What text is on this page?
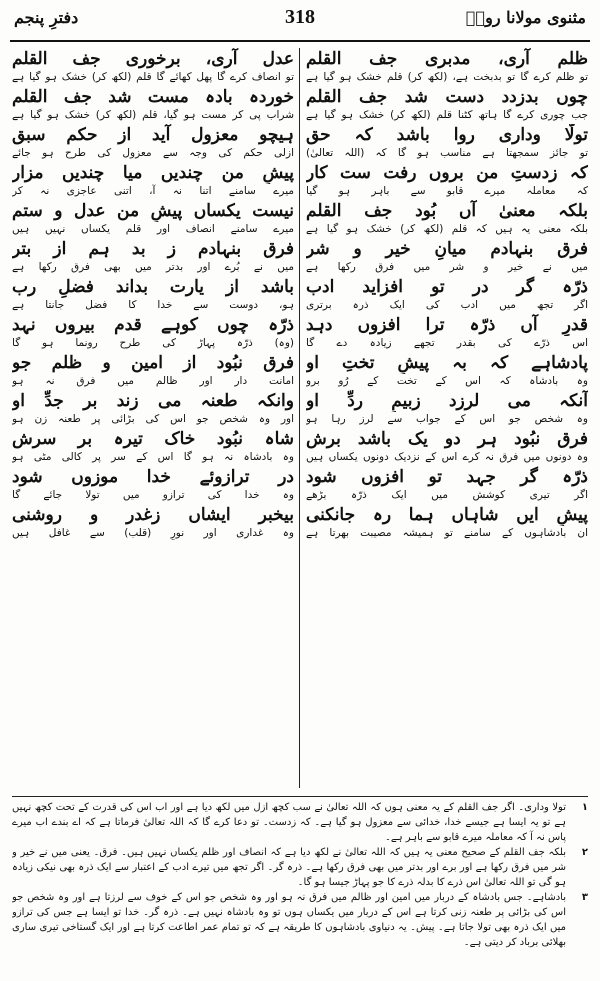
مثنوی مولانا رومؒ
318
دفترِ پنجم
ظلم آری، مدبری جف القلم
تو ظلم کرے گا تو بدبخت ہے، (لکھ کر) قلم خشک ہو گیا ہے
چوں بدزدد دست شد جف القلم
جب چوری کرے گا ہاتھ کٹنا قلم (لکھ کر) خشک ہو گیا ہے
تولّا وداری روا باشد کہ حق
تو جائز سمجھتا ہے مناسب ہو گا کہ (اللہ تعالیٰ)
کہ زدستِ من بروں رفت ست کار
کہ معاملہ میرے قابو سے باہر ہو گیا
بلکہ معنیٰ آں بُود جف القلم
بلکہ معنی یہ ہیں کہ قلم (لکھ کر) خشک ہو گیا ہے
فرق بنہادم میانِ خیر و شر
میں نے خیر و شر میں فرق رکھا ہے
ذرّہ گر در تو افزاید ادب
اگر تجھ میں ادب کی ایک ذرہ برتری
قدرِ آں ذرّہ ترا افزوں دہد
اس ذرّے کی بقدر تجھے زیادہ دے گا
پادشاہے کہ بہ پیشِ تختِ او
وہ بادشاہ کہ اس کے تخت کے رُو برو
آنکہ می لرزد زبیمِ ردِّ او
وہ شخص جو اس کے جواب سے لرز رہا ہو
فرق نبُود ہر دو یک باشد برش
وہ دونوں میں فرق نہ کرے اس کے نزدیک دونوں یکساں ہیں
ذرّہ گر جہد تو افزوں شود
اگر تیری کوشش میں ایک ذرّہ بڑھے
پیشِ ایں شاہاں ہما رہ جانکنی
ان بادشاہوں کے سامنے تو ہمیشہ مصیبت بھرتا ہے
عدل آری، برخوری جف القلم
تو انصاف کرے گا پھل کھائے گا قلم (لکھ کر) خشک ہو گیا ہے
خوردہ بادہ مست شد جف القلم
شراب پی کر مست ہو گیا، قلم (لکھ کر) خشک ہو گیا ہے
ہیچو معزول آید از حکم سبق
ازلی حکم کی وجہ سے معزول کی طرح ہو جائے
پیشِ من چندیں میا چندیں مزار
میرے سامنے اتنا نہ آ، اتنی عاجزی نہ کر
نیست یکساں پیشِ من عدل و ستم
میرے سامنے انصاف اور قلم یکساں نہیں ہیں
فرق بنہادم ز بد ہم از بتر
میں نے بُرے اور بدتر میں بھی فرق رکھا ہے
باشد از یارت بداند فضلِ رب
ہو، دوست سے خدا کا فضل جانتا ہے
ذرّہ چوں کوہے قدم بیروں نہد
(وہ) ذرّہ پہاڑ کی طرح رونما ہو گا
فرق نبُود از امین و ظلم جو
امانت دار اور ظالم میں فرق نہ ہو
وانکہ طعنہ می زند بر جدِّ او
اور وہ شخص جو اس کی بڑائی پر طعنہ زن ہو
شاہ نبُود خاک تیرہ بر سرش
وہ بادشاہ نہ ہو گا اس کے سر پر کالی مٹی ہو
در ترازوئے خدا موزوں شود
وہ خدا کی ترازو میں تولا جائے گا
بیخبر ایشاں زغدر و روشنی
وہ غداری اور نورِ (قلب) سے غافل ہیں
۱
تولا وداری۔ اگر جف القلم کے یہ معنی ہوں کہ اللہ تعالیٰ نے سب کچھ ازل میں لکھ دیا ہے اور اب اس کی قدرت کے تحت کچھ نہیں ہے تو یہ ایسا ہے جیسے خدا، خدائی سے معزول ہو گیا ہے۔ کہ زدست۔ تو دعا کرے گا کہ اللہ تعالیٰ فرماتا ہے کہ اے بندے اب میرے پاس نہ آ کہ معاملہ میرے قابو سے باہر ہے۔
۲
بلکہ جف القلم کے صحیح معنی یہ ہیں کہ اللہ تعالیٰ نے لکھ دیا ہے کہ انصاف اور ظلم یکساں نہیں ہیں۔ فرق۔ یعنی میں نے خیر و شر میں فرق رکھا ہے اور برے اور بدتر میں بھی فرق رکھا ہے۔ ذرہ گر۔ اگر تجھ میں تیرے ادب کے اعتبار سے ایک ذرہ بھی نیکی زیادہ ہو گی تو اللہ تعالیٰ اس ذرے کا بدلہ ذرے کا جو پہاڑ جیسا ہو گا۔
۳
بادشاہے۔ جس بادشاہ کے دربار میں امین اور ظالم میں فرق نہ ہو اور وہ شخص جو اس کے خوف سے لرزتا ہے اور وہ شخص جو اس کی بڑائی پر طعنہ زنی کرتا ہے اس کے دربار میں یکساں ہوں تو وہ بادشاہ نہیں ہے۔ ذرہ گر۔ خدا تو ایسا ہے جس کی ترازو میں ایک ذرہ بھی تولا جاتا ہے۔ پیش۔ یہ دنیاوی بادشاہوں کا طریقہ ہے کہ تو تمام عمر اطاعت کرتا ہے اور ایک گستاخی تیری ساری بھلائی برباد کر دیتی ہے۔
